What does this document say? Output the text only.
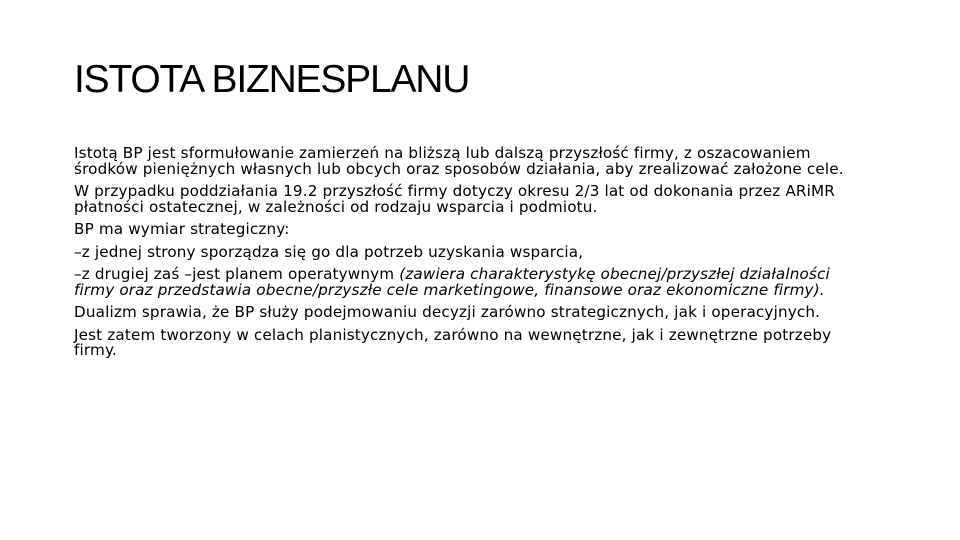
ISTOTA BIZNESPLANU

Istotą BP jest sformułowanie zamierzeń na bliższą lub dalszą przyszłość firmy, z oszacowaniem środków pieniężnych własnych lub obcych oraz sposobów działania, aby zrealizować założone cele.

W przypadku poddziałania 19.2 przyszłość firmy dotyczy okresu 2/3 lat od dokonania przez ARiMR płatności ostatecznej, w zależności od rodzaju wsparcia i podmiotu.

BP ma wymiar strategiczny:

–z jednej strony sporządza się go dla potrzeb uzyskania wsparcia,

–z drugiej zaś –jest planem operatywnym (zawiera charakterystykę obecnej/przyszłej działalności firmy oraz przedstawia obecne/przyszłe cele marketingowe, finansowe oraz ekonomiczne firmy).

Dualizm sprawia, że BP służy podejmowaniu decyzji zarówno strategicznych, jak i operacyjnych.

Jest zatem tworzony w celach planistycznych, zarówno na wewnętrzne, jak i zewnętrzne potrzeby firmy.
